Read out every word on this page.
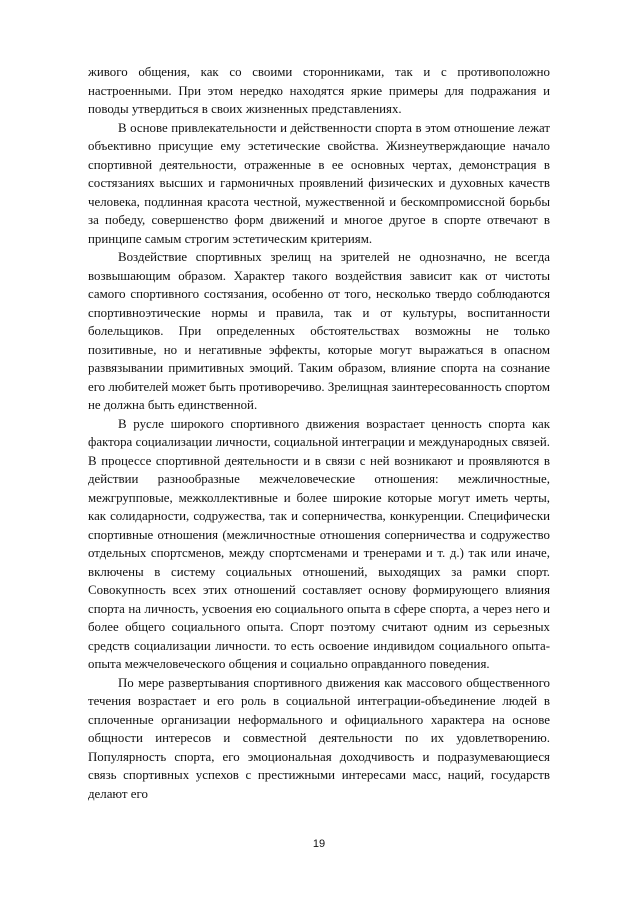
живого общения, как со своими сторонниками, так и с противоположно настроенными. При этом нередко находятся яркие примеры для подражания и поводы утвердиться в своих жизненных представлениях.

В основе привлекательности и действенности спорта в этом отношение лежат объективно присущие ему эстетические свойства. Жизнеутверждающие начало спортивной деятельности, отраженные в ее основных чертах, демонстрация в состязаниях высших и гармоничных проявлений физических и духовных качеств человека, подлинная красота честной, мужественной и бескомпромиссной борьбы за победу, совершенство форм движений и многое другое в спорте отвечают в принципе самым строгим эстетическим критериям.

Воздействие спортивных зрелищ на зрителей не однозначно, не всегда возвышающим образом. Характер такого воздействия зависит как от чистоты самого спортивного состязания, особенно от того, несколько твердо соблюдаются спортивноэтические нормы и правила, так и от культуры, воспитанности болельщиков. При определенных обстоятельствах возможны не только позитивные, но и негативные эффекты, которые могут выражаться в опасном развязывании примитивных эмоций. Таким образом, влияние спорта на сознание его любителей может быть противоречиво. Зрелищная заинтересованность спортом не должна быть единственной.

В русле широкого спортивного движения возрастает ценность спорта как фактора социализации личности, социальной интеграции и международных связей. В процессе спортивной деятельности и в связи с ней возникают и проявляются в действии разнообразные межчеловеческие отношения: межличностные, межгрупповые, межколлективные и более широкие которые могут иметь черты, как солидарности, содружества, так и соперничества, конкуренции. Специфически спортивные отношения (межличностные отношения соперничества и содружество отдельных спортсменов, между спортсменами и тренерами и т. д.) так или иначе, включены в систему социальных отношений, выходящих за рамки спорт. Совокупность всех этих отношений составляет основу формирующего влияния спорта на личность, усвоения ею социального опыта в сфере спорта, а через него и более общего социального опыта. Спорт поэтому считают одним из серьезных средств социализации личности. то есть освоение индивидом социального опыта- опыта межчеловеческого общения и социально оправданного поведения.

По мере развертывания спортивного движения как массового общественного течения возрастает и его роль в социальной интеграции-объединение людей в сплоченные организации неформального и официального характера на основе общности интересов и совместной деятельности по их удовлетворению. Популярность спорта, его эмоциональная доходчивость и подразумевающиеся связь спортивных успехов с престижными интересами масс, наций, государств делают его

19
